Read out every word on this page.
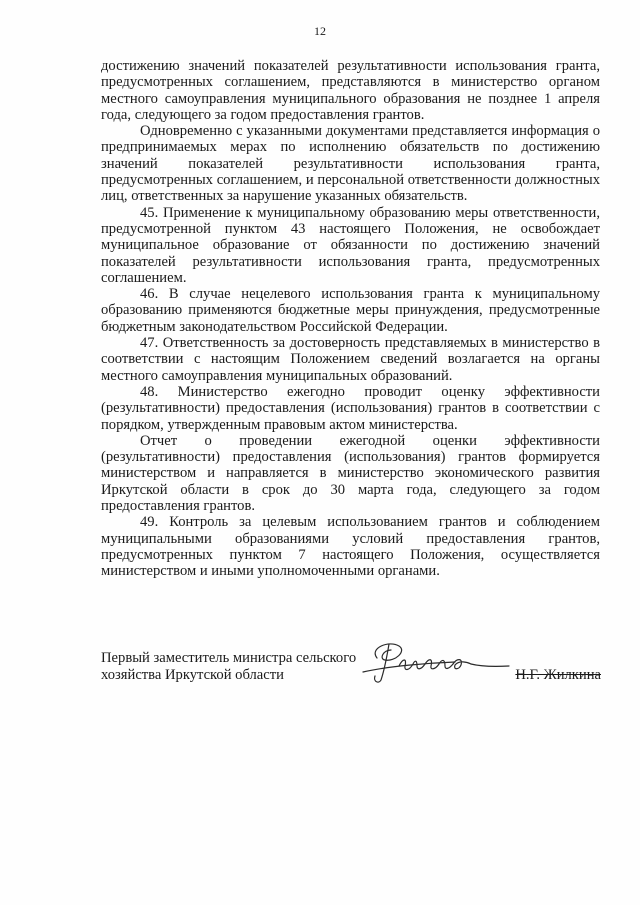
12

достижению значений показателей результативности использования гранта, предусмотренных соглашением, представляются в министерство органом местного самоуправления муниципального образования не позднее 1 апреля года, следующего за годом предоставления грантов.

Одновременно с указанными документами представляется информация о предпринимаемых мерах по исполнению обязательств по достижению значений показателей результативности использования гранта, предусмотренных соглашением, и персональной ответственности должностных лиц, ответственных за нарушение указанных обязательств.

45. Применение к муниципальному образованию меры ответственности, предусмотренной пунктом 43 настоящего Положения, не освобождает муниципальное образование от обязанности по достижению значений показателей результативности использования гранта, предусмотренных соглашением.

46. В случае нецелевого использования гранта к муниципальному образованию применяются бюджетные меры принуждения, предусмотренные бюджетным законодательством Российской Федерации.

47. Ответственность за достоверность представляемых в министерство в соответствии с настоящим Положением сведений возлагается на органы местного самоуправления муниципальных образований.

48. Министерство ежегодно проводит оценку эффективности (результативности) предоставления (использования) грантов в соответствии с порядком, утвержденным правовым актом министерства.

Отчет о проведении ежегодной оценки эффективности (результативности) предоставления (использования) грантов формируется министерством и направляется в министерство экономического развития Иркутской области в срок до 30 марта года, следующего за годом предоставления грантов.

49. Контроль за целевым использованием грантов и соблюдением муниципальными образованиями условий предоставления грантов, предусмотренных пунктом 7 настоящего Положения, осуществляется министерством и иными уполномоченными органами.

Первый заместитель министра сельского хозяйства Иркутской области	Н.Г. Жилкина
